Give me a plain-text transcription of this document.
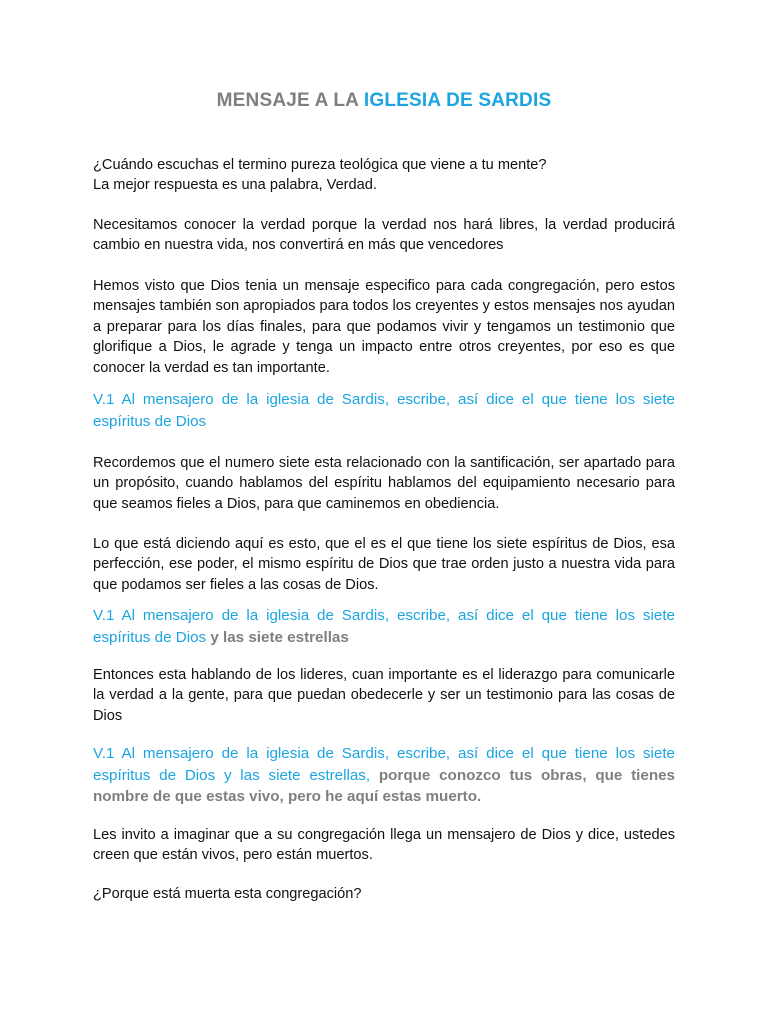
MENSAJE A LA IGLESIA DE SARDIS

¿Cuándo escuchas el termino pureza teológica que viene a tu mente?
La mejor respuesta es una palabra, Verdad.

Necesitamos conocer la verdad porque la verdad nos hará libres, la verdad producirá cambio en nuestra vida, nos convertirá en más que vencedores

Hemos visto que Dios tenia un mensaje especifico para cada congregación, pero estos mensajes también son apropiados para todos los creyentes y estos mensajes nos ayudan a preparar para los días finales, para que podamos vivir y tengamos un testimonio que glorifique a Dios, le agrade y tenga un impacto entre otros creyentes, por eso es que conocer la verdad es tan importante.

V.1 Al mensajero de la iglesia de Sardis, escribe, así dice el que tiene los siete espíritus de Dios

Recordemos que el numero siete esta relacionado con la santificación, ser apartado para un propósito, cuando hablamos del espíritu hablamos del equipamiento necesario para que seamos fieles a Dios, para que caminemos en obediencia.

Lo que está diciendo aquí es esto, que el es el que tiene los siete espíritus de Dios, esa perfección, ese poder, el mismo espíritu de Dios que trae orden justo a nuestra vida para que podamos ser fieles a las cosas de Dios.

V.1 Al mensajero de la iglesia de Sardis, escribe, así dice el que tiene los siete espíritus de Dios y las siete estrellas

Entonces esta hablando de los lideres, cuan importante es el liderazgo para comunicarle la verdad a la gente, para que puedan obedecerle y ser un testimonio para las cosas de Dios

V.1 Al mensajero de la iglesia de Sardis, escribe, así dice el que tiene los siete espíritus de Dios y las siete estrellas, porque conozco tus obras, que tienes nombre de que estas vivo, pero he aquí estas muerto.

Les invito a imaginar que a su congregación llega un mensajero de Dios y dice, ustedes creen que están vivos, pero están muertos.

¿Porque está muerta esta congregación?
